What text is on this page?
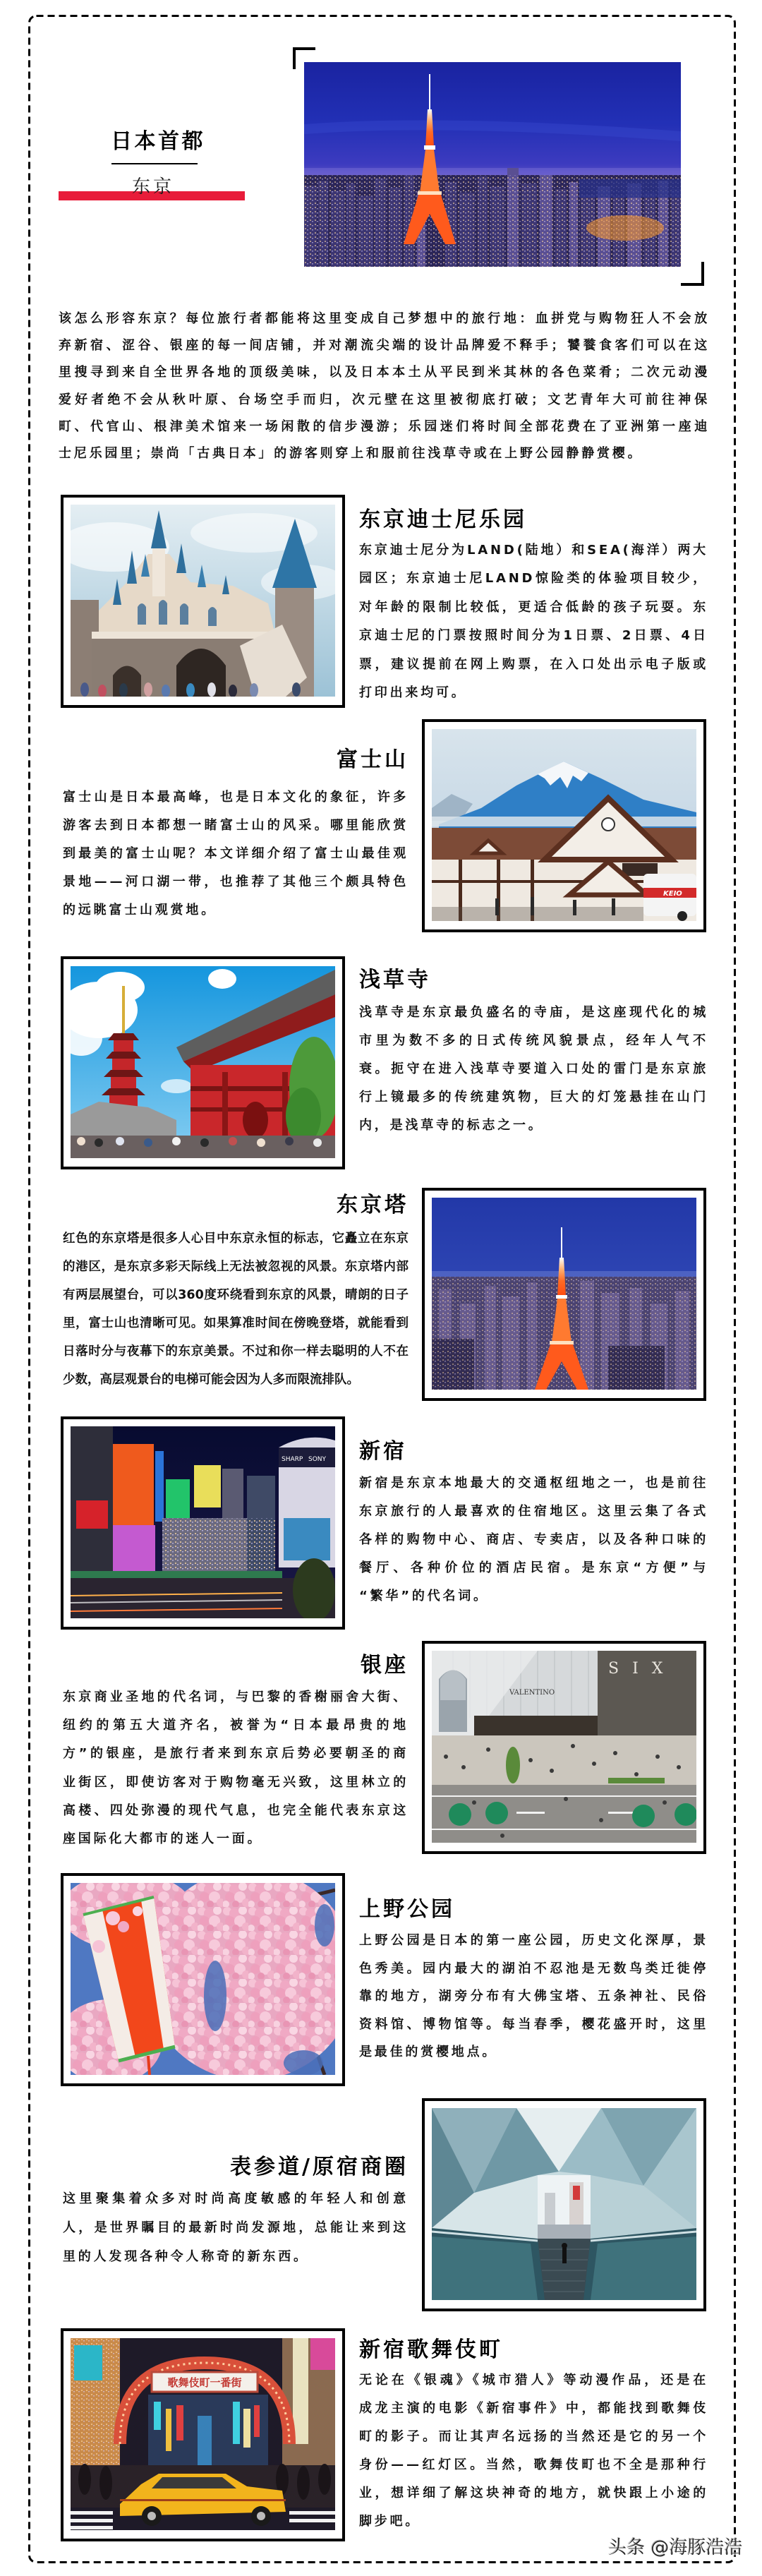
日本首都
东京
该怎么形容东京？每位旅行者都能将这里变成自己梦想中的旅行地：血拼党与购物狂人不会放
弃新宿、涩谷、银座的每一间店铺，并对潮流尖端的设计品牌爱不释手；饕餮食客们可以在这
里搜寻到来自全世界各地的顶级美味，以及日本本土从平民到米其林的各色菜肴；二次元动漫
爱好者绝不会从秋叶原、台场空手而归，次元壁在这里被彻底打破；文艺青年大可前往神保
町、代官山、根津美术馆来一场闲散的信步漫游；乐园迷们将时间全部花费在了亚洲第一座迪
士尼乐园里；崇尚「古典日本」的游客则穿上和服前往浅草寺或在上野公园静静赏樱。
东京迪士尼乐园
东京迪士尼分为LAND(陆地）和SEA(海洋）两大
园区；东京迪士尼LAND惊险类的体验项目较少，
对年龄的限制比较低，更适合低龄的孩子玩耍。东
京迪士尼的门票按照时间分为1日票、2日票、4日
票，建议提前在网上购票，在入口处出示电子版或
打印出来均可。
KEIO
富士山
富士山是日本最高峰，也是日本文化的象征，许多
游客去到日本都想一睹富士山的风采。哪里能欣赏
到最美的富士山呢？本文详细介绍了富士山最佳观
景地——河口湖一带，也推荐了其他三个颇具特色
的远眺富士山观赏地。
浅草寺
浅草寺是东京最负盛名的寺庙，是这座现代化的城
市里为数不多的日式传统风貌景点，经年人气不
衰。扼守在进入浅草寺要道入口处的雷门是东京旅
行上镜最多的传统建筑物，巨大的灯笼悬挂在山门
内，是浅草寺的标志之一。
东京塔
红色的东京塔是很多人心目中东京永恒的标志，它矗立在东京
的港区，是东京多彩天际线上无法被忽视的风景。东京塔内部
有两层展望台，可以360度环绕看到东京的风景，晴朗的日子
里，富士山也清晰可见。如果算准时间在傍晚登塔，就能看到
日落时分与夜幕下的东京美景。不过和你一样去聪明的人不在
少数，高层观景台的电梯可能会因为人多而限流排队。
SHARP SONY 新宿
新宿是东京本地最大的交通枢纽地之一，也是前往
东京旅行的人最喜欢的住宿地区。这里云集了各式
各样的购物中心、商店、专卖店，以及各种口味的
餐厅、各种价位的酒店民宿。是东京“方便”与
“繁华”的代名词。
S I X
VALENTINO
银座
东京商业圣地的代名词，与巴黎的香榭丽舍大街、
纽约的第五大道齐名，被誉为“日本最昂贵的地
方”的银座，是旅行者来到东京后势必要朝圣的商
业街区，即使访客对于购物毫无兴致，这里林立的
高楼、四处弥漫的现代气息，也完全能代表东京这
座国际化大都市的迷人一面。
上野公园
上野公园是日本的第一座公园，历史文化深厚，景
色秀美。园内最大的湖泊不忍池是无数鸟类迁徙停
靠的地方，湖旁分布有大佛宝塔、五条神社、民俗
资料馆、博物馆等。每当春季，樱花盛开时，这里
是最佳的赏樱地点。
表参道/原宿商圈
这里聚集着众多对时尚高度敏感的年轻人和创意
人，是世界瞩目的最新时尚发源地，总能让来到这
里的人发现各种令人称奇的新东西。
歌舞伎町一番街
新宿歌舞伎町
无论在《银魂》《城市猎人》等动漫作品，还是在
成龙主演的电影《新宿事件》中，都能找到歌舞伎
町的影子。而让其声名远扬的当然还是它的另一个
身份——红灯区。当然，歌舞伎町也不全是那种行
业，想详细了解这块神奇的地方，就快跟上小途的
脚步吧。
头条 @海豚浩浩
